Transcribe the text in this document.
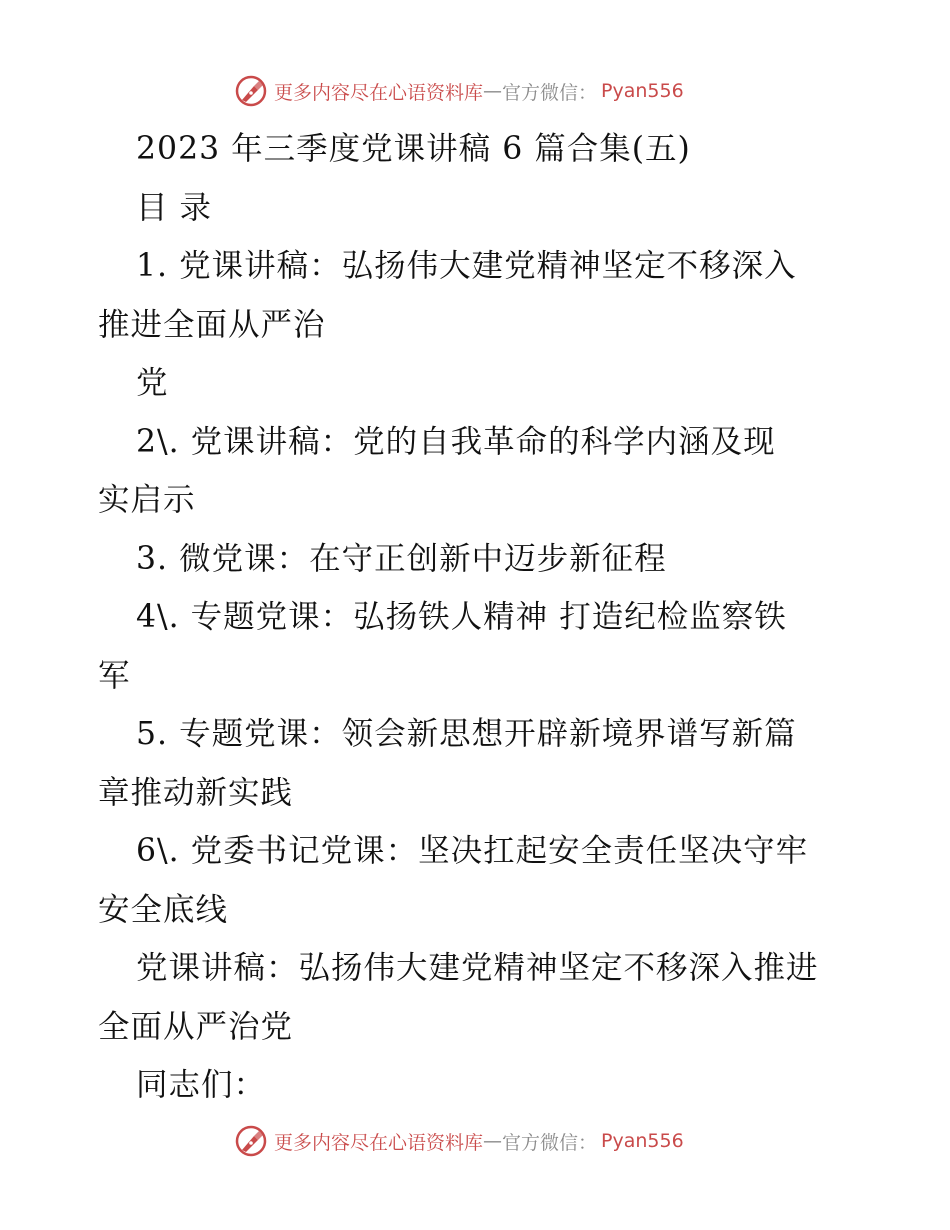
更多内容尽在心语资料库 — 官方微信： Pyan556
2023 年三季度党课讲稿 6 篇合集(五)
目 录
1. 党课讲稿：弘扬伟大建党精神坚定不移深入
推进全面从严治
党
2\. 党课讲稿：党的自我革命的科学内涵及现
实启示
3. 微党课：在守正创新中迈步新征程
4\. 专题党课：弘扬铁人精神 打造纪检监察铁
军
5. 专题党课：领会新思想开辟新境界谱写新篇
章推动新实践
6\. 党委书记党课：坚决扛起安全责任坚决守牢
安全底线
党课讲稿：弘扬伟大建党精神坚定不移深入推进
全面从严治党
同志们：
更多内容尽在心语资料库 — 官方微信： Pyan556
